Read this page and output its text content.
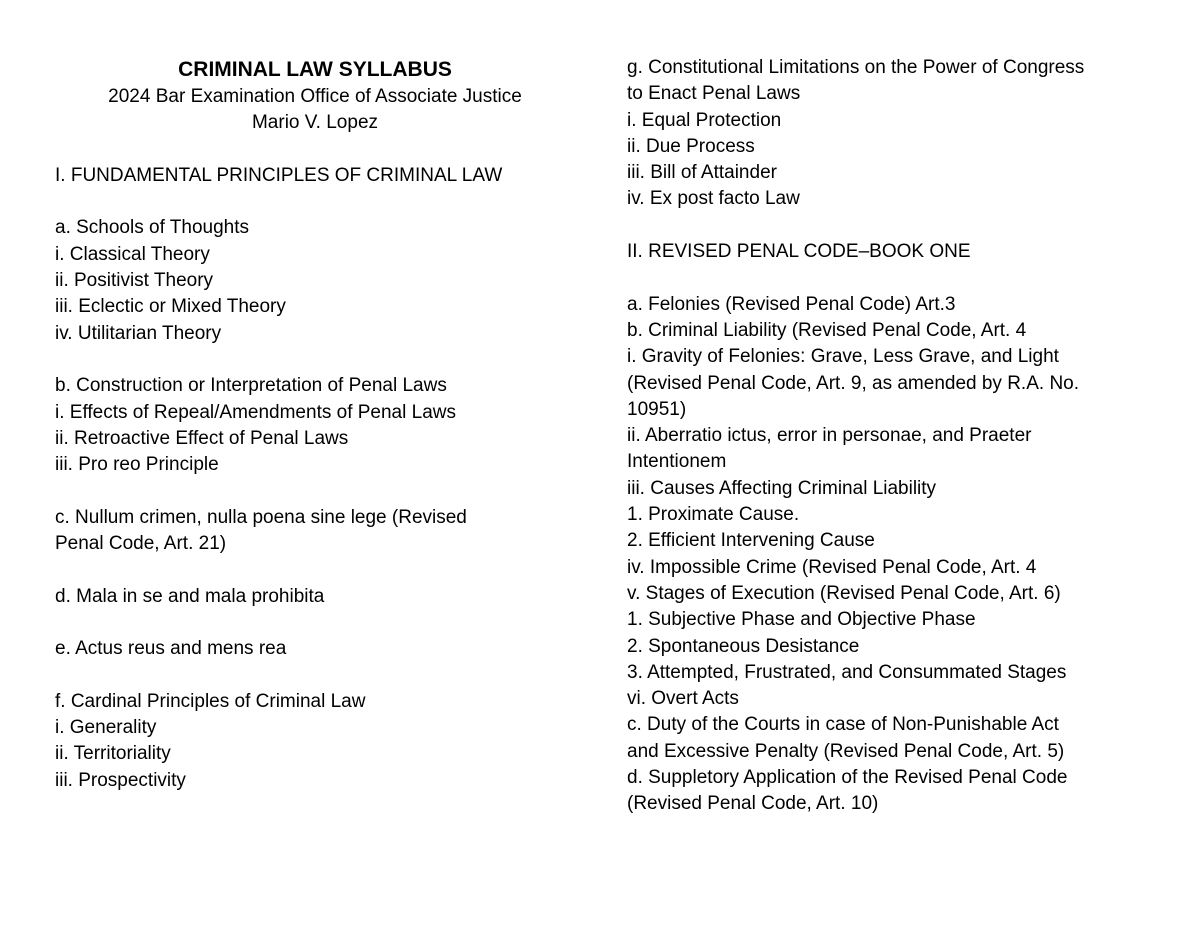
CRIMINAL LAW SYLLABUS
2024 Bar Examination Office of Associate Justice
Mario V. Lopez
I. FUNDAMENTAL PRINCIPLES OF CRIMINAL LAW
a. Schools of Thoughts
i. Classical Theory
ii. Positivist Theory
iii. Eclectic or Mixed Theory
iv. Utilitarian Theory
b. Construction or Interpretation of Penal Laws
i. Effects of Repeal/Amendments of Penal Laws
ii. Retroactive Effect of Penal Laws
iii. Pro reo Principle
c. Nullum crimen, nulla poena sine lege (Revised
Penal Code, Art. 21)
d. Mala in se and mala prohibita
e. Actus reus and mens rea
f. Cardinal Principles of Criminal Law
i. Generality
ii. Territoriality
iii. Prospectivity
g. Constitutional Limitations on the Power of Congress
to Enact Penal Laws
i. Equal Protection
ii. Due Process
iii. Bill of Attainder
iv. Ex post facto Law
II. REVISED PENAL CODE–BOOK ONE
a. Felonies (Revised Penal Code) Art.3
b. Criminal Liability (Revised Penal Code, Art. 4
i. Gravity of Felonies: Grave, Less Grave, and Light
(Revised Penal Code, Art. 9, as amended by R.A. No.
10951)
ii. Aberratio ictus, error in personae, and Praeter
Intentionem
iii. Causes Affecting Criminal Liability
1. Proximate Cause.
2. Efficient Intervening Cause
iv. Impossible Crime (Revised Penal Code, Art. 4
v. Stages of Execution (Revised Penal Code, Art. 6)
1. Subjective Phase and Objective Phase
2. Spontaneous Desistance
3. Attempted, Frustrated, and Consummated Stages
vi. Overt Acts
c. Duty of the Courts in case of Non-Punishable Act
and Excessive Penalty (Revised Penal Code, Art. 5)
d. Suppletory Application of the Revised Penal Code
(Revised Penal Code, Art. 10)
